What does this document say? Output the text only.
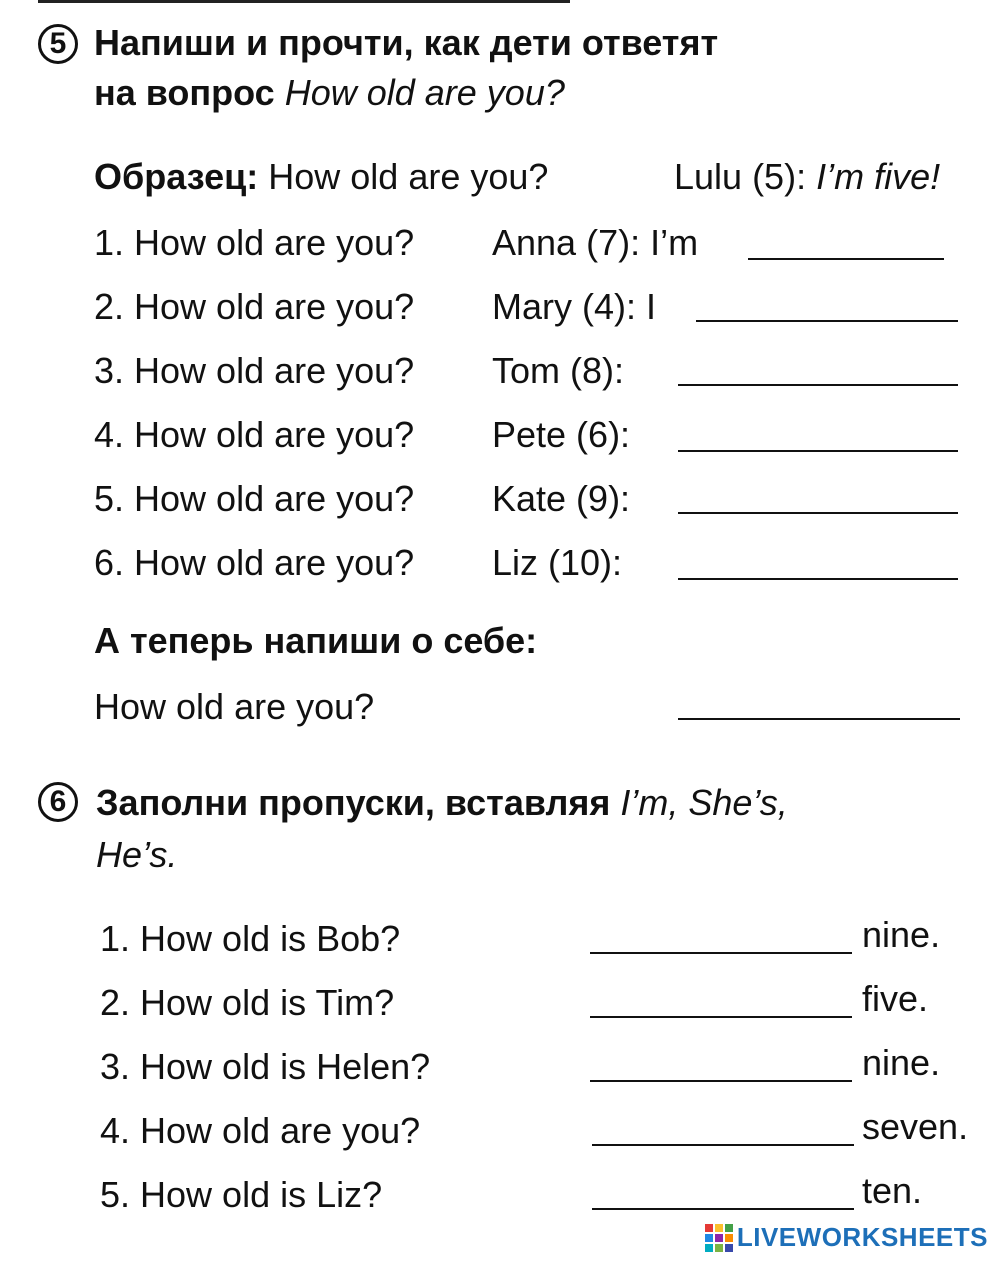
5 Напиши и прочти, как дети ответят
на вопрос How old are you?
Образец: How old are you?	Lulu (5): I’m five!
1. How old are you? Anna (7): I’m
2. How old are you? Mary (4): I
3. How old are you? Tom (8):
4. How old are you? Pete (6):
5. How old are you? Kate (9):
6. How old are you? Liz (10):
А теперь напиши о себе:
How old are you?
6 Заполни пропуски, вставляя I’m, She’s,
He’s.
1. How old is Bob?	nine.
2. How old is Tim?	five.
3. How old is Helen?	nine.
4. How old are you?	seven.
5. How old is Liz?	ten.
LIVEWORKSHEETS
